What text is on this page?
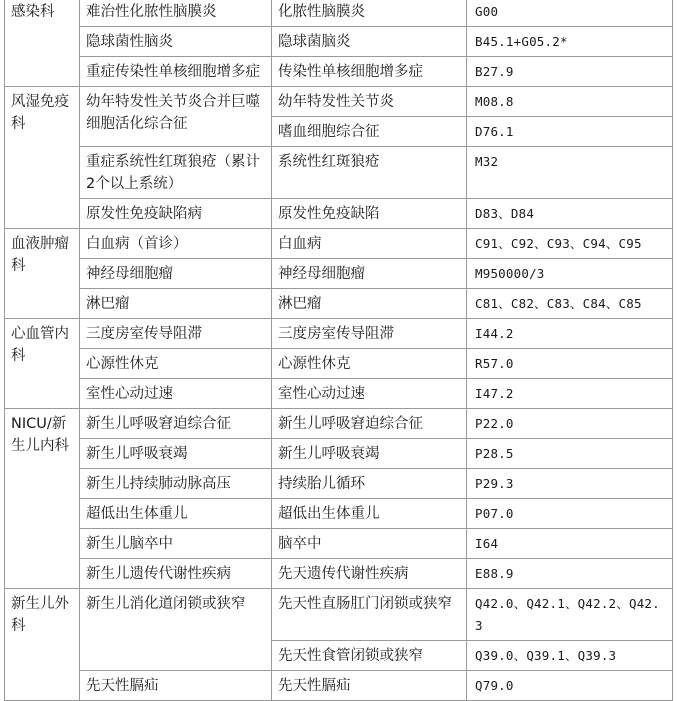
感染科	难治性化脓性脑膜炎	化脓性脑膜炎	G00
	隐球菌性脑炎	隐球菌脑炎	B45.1+G05.2*
	重症传染性单核细胞增多症	传染性单核细胞增多症	B27.9
风湿免疫科	幼年特发性关节炎合并巨噬细胞活化综合征	幼年特发性关节炎	M08.8
		嗜血细胞综合征	D76.1
	重症系统性红斑狼疮（累计2个以上系统）	系统性红斑狼疮	M32
	原发性免疫缺陷病	原发性免疫缺陷	D83、D84
血液肿瘤科	白血病（首诊）	白血病	C91、C92、C93、C94、C95
	神经母细胞瘤	神经母细胞瘤	M950000/3
	淋巴瘤	淋巴瘤	C81、C82、C83、C84、C85
心血管内科	三度房室传导阻滞	三度房室传导阻滞	I44.2
	心源性休克	心源性休克	R57.0
	室性心动过速	室性心动过速	I47.2
NICU/新生儿内科	新生儿呼吸窘迫综合征	新生儿呼吸窘迫综合征	P22.0
	新生儿呼吸衰竭	新生儿呼吸衰竭	P28.5
	新生儿持续肺动脉高压	持续胎儿循环	P29.3
	超低出生体重儿	超低出生体重儿	P07.0
	新生儿脑卒中	脑卒中	I64
	新生儿遗传代谢性疾病	先天遗传代谢性疾病	E88.9
新生儿外科	新生儿消化道闭锁或狭窄	先天性直肠肛门闭锁或狭窄	Q42.0、Q42.1、Q42.2、Q42.3
		先天性食管闭锁或狭窄	Q39.0、Q39.1、Q39.3
	先天性膈疝	先天性膈疝	Q79.0
